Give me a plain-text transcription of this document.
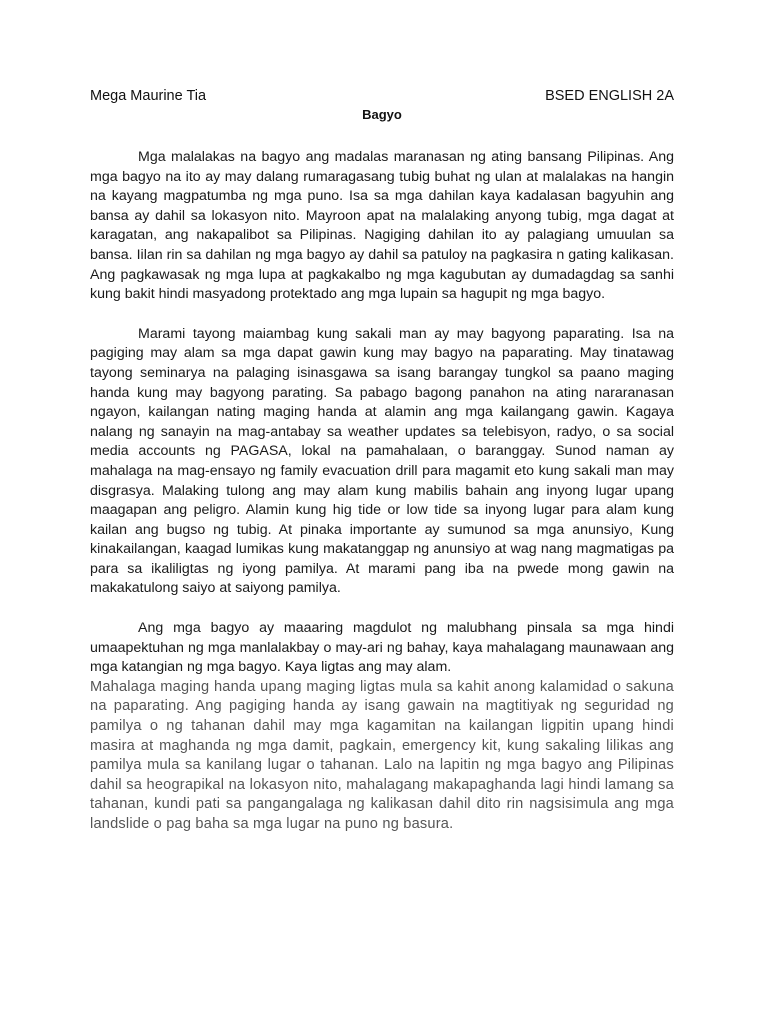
Mega Maurine Tia	BSED ENGLISH 2A
Bagyo

Mga malalakas na bagyo ang madalas maranasan ng ating bansang Pilipinas. Ang mga bagyo na ito ay may dalang rumaragasang tubig buhat ng ulan at malalakas na hangin na kayang magpatumba ng mga puno. Isa sa mga dahilan kaya kadalasan bagyuhin ang bansa ay dahil sa lokasyon nito. Mayroon apat na malalaking anyong tubig, mga dagat at karagatan, ang nakapalibot sa Pilipinas. Nagiging dahilan ito ay palagiang umuulan sa bansa. Iilan rin sa dahilan ng mga bagyo ay dahil sa patuloy na pagkasira n gating kalikasan. Ang pagkawasak ng mga lupa at pagkakalbo ng mga kagubutan ay dumadagdag sa sanhi kung bakit hindi masyadong protektado ang mga lupain sa hagupit ng mga bagyo.

Marami tayong maiambag kung sakali man ay may bagyong paparating. Isa na pagiging may alam sa mga dapat gawin kung may bagyo na paparating. May tinatawag tayong seminarya na palaging isinasgawa sa isang barangay tungkol sa paano maging handa kung may bagyong parating. Sa pabago bagong panahon na ating nararanasan ngayon, kailangan nating maging handa at alamin ang mga kailangang gawin. Kagaya nalang ng sanayin na mag-antabay sa weather updates sa telebisyon, radyo, o sa social media accounts ng PAGASA, lokal na pamahalaan, o baranggay. Sunod naman ay mahalaga na mag-ensayo ng family evacuation drill para magamit eto kung sakali man may disgrasya. Malaking tulong ang may alam kung mabilis bahain ang inyong lugar upang maagapan ang peligro. Alamin kung hig tide or low tide sa inyong lugar para alam kung kailan ang bugso ng tubig. At pinaka importante ay sumunod sa mga anunsiyo, Kung kinakailangan, kaagad lumikas kung makatanggap ng anunsiyo at wag nang magmatigas pa para sa ikaliligtas ng iyong pamilya. At marami pang iba na pwede mong gawin na makakatulong saiyo at saiyong pamilya.

Ang mga bagyo ay maaaring magdulot ng malubhang pinsala sa mga hindi umaapektuhan ng mga manlalakbay o may-ari ng bahay, kaya mahalagang maunawaan ang mga katangian ng mga bagyo. Kaya ligtas ang may alam.

Mahalaga maging handa upang maging ligtas mula sa kahit anong kalamidad o sakuna na paparating. Ang pagiging handa ay isang gawain na magtitiyak ng seguridad ng pamilya o ng tahanan dahil may mga kagamitan na kailangan ligpitin upang hindi masira at maghanda ng mga damit, pagkain, emergency kit, kung sakaling lilikas ang pamilya mula sa kanilang lugar o tahanan. Lalo na lapitin ng mga bagyo ang Pilipinas dahil sa heograpikal na lokasyon nito, mahalagang makapaghanda lagi hindi lamang sa tahanan, kundi pati sa pangangalaga ng kalikasan dahil dito rin nagsisimula ang mga landslide o pag baha sa mga lugar na puno ng basura.
